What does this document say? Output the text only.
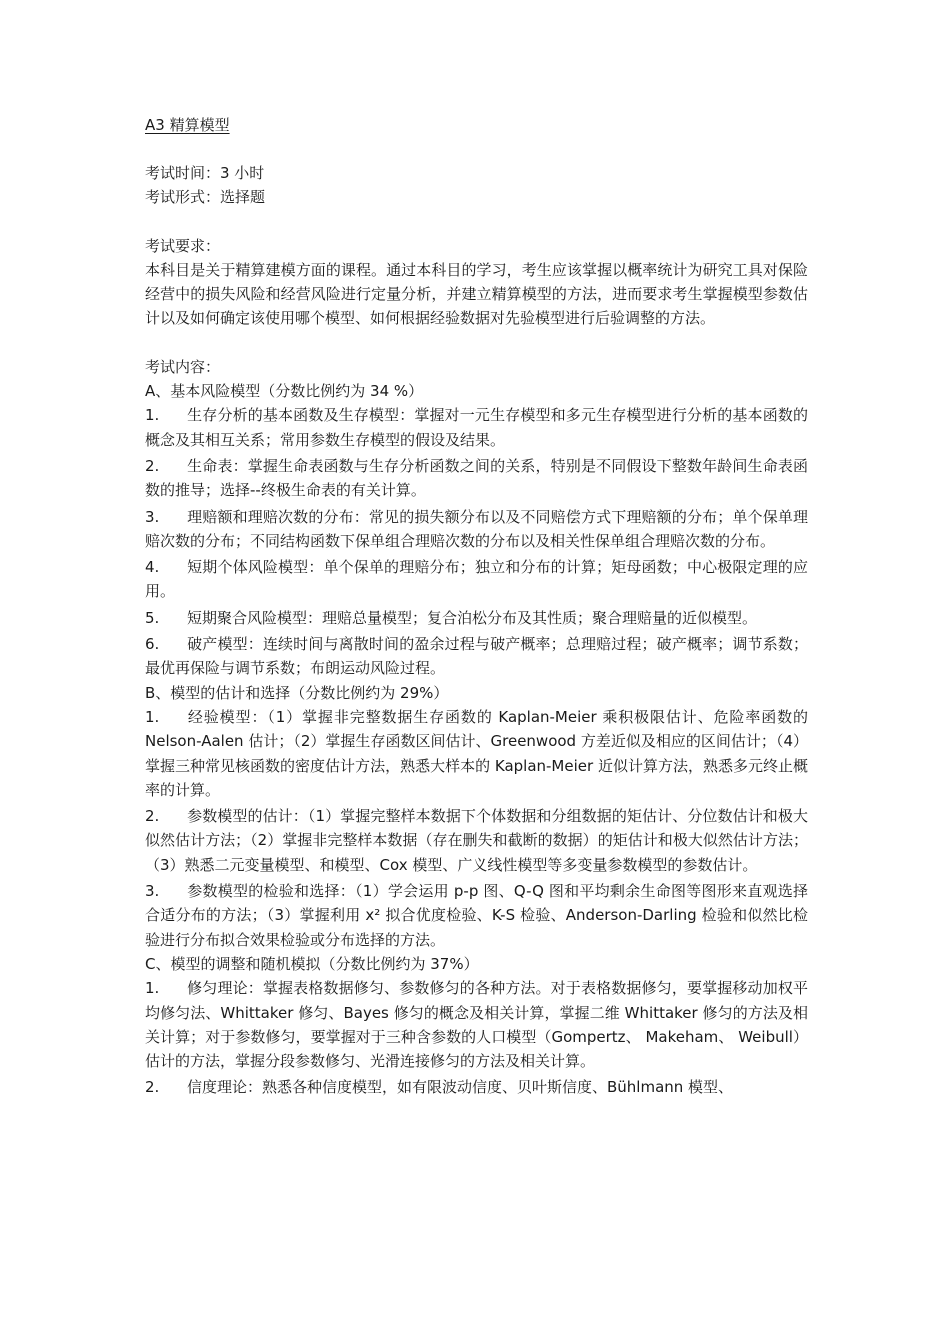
A3 精算模型

考试时间：3 小时

考试形式：选择题

考试要求：

本科目是关于精算建模方面的课程。通过本科目的学习，考生应该掌握以概率统计为研究工具对保险经营中的损失风险和经营风险进行定量分析，并建立精算模型的方法，进而要求考生掌握模型参数估计以及如何确定该使用哪个模型、如何根据经验数据对先验模型进行后验调整的方法。

考试内容：

A、基本风险模型（分数比例约为 34 %）

1. 生存分析的基本函数及生存模型：掌握对一元生存模型和多元生存模型进行分析的基本函数的概念及其相互关系；常用参数生存模型的假设及结果。

2. 生命表：掌握生命表函数与生存分析函数之间的关系，特别是不同假设下整数年龄间生命表函数的推导；选择--终极生命表的有关计算。

3. 理赔额和理赔次数的分布：常见的损失额分布以及不同赔偿方式下理赔额的分布；单个保单理赔次数的分布；不同结构函数下保单组合理赔次数的分布以及相关性保单组合理赔次数的分布。

4. 短期个体风险模型：单个保单的理赔分布；独立和分布的计算；矩母函数；中心极限定理的应用。

5. 短期聚合风险模型：理赔总量模型；复合泊松分布及其性质；聚合理赔量的近似模型。

6. 破产模型：连续时间与离散时间的盈余过程与破产概率；总理赔过程；破产概率；调节系数；最优再保险与调节系数；布朗运动风险过程。

B、模型的估计和选择（分数比例约为 29%）

1. 经验模型：（1）掌握非完整数据生存函数的 Kaplan-Meier 乘积极限估计、危险率函数的 Nelson-Aalen 估计；（2）掌握生存函数区间估计、Greenwood 方差近似及相应的区间估计；（4）掌握三种常见核函数的密度估计方法，熟悉大样本的 Kaplan-Meier 近似计算方法，熟悉多元终止概率的计算。

2. 参数模型的估计：（1）掌握完整样本数据下个体数据和分组数据的矩估计、分位数估计和极大似然估计方法；（2）掌握非完整样本数据（存在删失和截断的数据）的矩估计和极大似然估计方法；（3）熟悉二元变量模型、和模型、Cox 模型、广义线性模型等多变量参数模型的参数估计。

3. 参数模型的检验和选择：（1）学会运用 p-p 图、Q-Q 图和平均剩余生命图等图形来直观选择合适分布的方法；（3）掌握利用 x² 拟合优度检验、K-S 检验、Anderson-Darling 检验和似然比检验进行分布拟合效果检验或分布选择的方法。

C、模型的调整和随机模拟（分数比例约为 37%）

1. 修匀理论：掌握表格数据修匀、参数修匀的各种方法。对于表格数据修匀，要掌握移动加权平均修匀法、Whittaker 修匀、Bayes 修匀的概念及相关计算，掌握二维 Whittaker 修匀的方法及相关计算；对于参数修匀，要掌握对于三种含参数的人口模型（Gompertz、 Makeham、 Weibull）估计的方法，掌握分段参数修匀、光滑连接修匀的方法及相关计算。

2. 信度理论：熟悉各种信度模型，如有限波动信度、贝叶斯信度、Bühlmann 模型、
